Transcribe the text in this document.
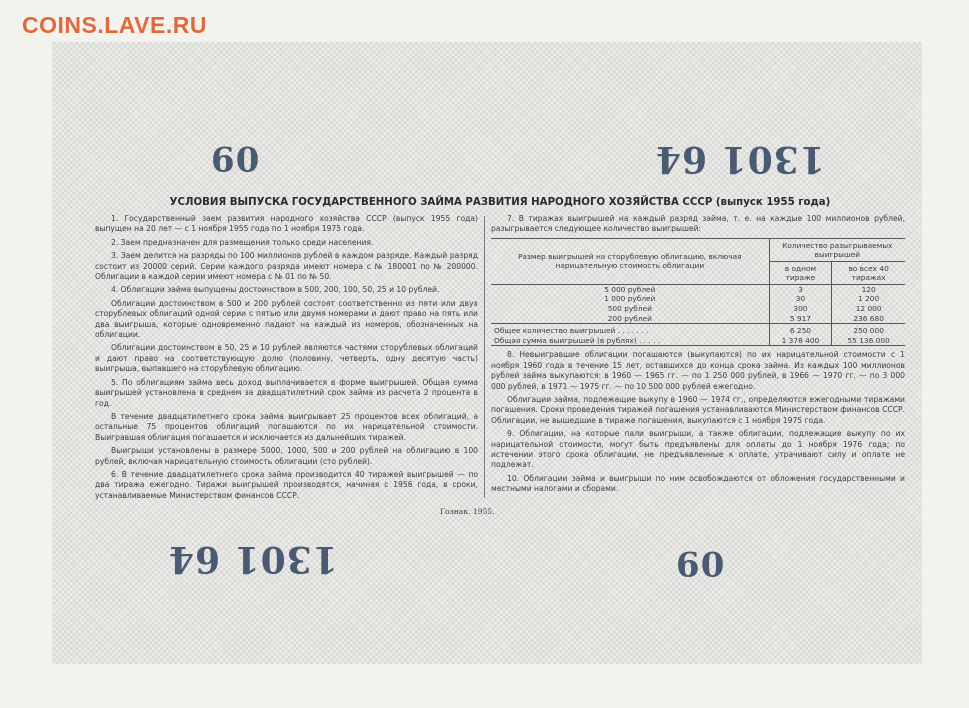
COINS.LAVE.RU
09	1301 64
1301 64	09
УСЛОВИЯ ВЫПУСКА ГОСУДАРСТВЕННОГО ЗАЙМА РАЗВИТИЯ НАРОДНОГО ХОЗЯЙСТВА СССР (выпуск 1955 года)

1. Государственный заем развития народного хозяйства СССР (выпуск 1955 года) выпущен на 20 лет — с 1 ноября 1955 года по 1 ноября 1975 года.

2. Заем предназначен для размещения только среди населения.

3. Заем делится на разряды по 100 миллионов рублей в каждом разряде. Каждый разряд состоит из 20000 серий. Серии каждого разряда имеют номера с № 180001 по № 200000. Облигации в каждой серии имеют номера с № 01 по № 50.

4. Облигации займа выпущены достоинством в 500, 200, 100, 50, 25 и 10 рублей.

Облигации достоинством в 500 и 200 рублей состоят соответственно из пяти или двух сторублевых облигаций одной серии с пятью или двумя номерами и дают право на пять или два выигрыша, которые одновременно падают на каждый из номеров, обозначенных на облигации.

Облигации достоинством в 50, 25 и 10 рублей являются частями сторублевых облигаций и дают право на соответствующую долю (половину, четверть, одну десятую часть) выигрыша, выпавшего на сторублевую облигацию.

5. По облигациям займа весь доход выплачивается в форме выигрышей. Общая сумма выигрышей установлена в среднем за двадцатилетний срок займа из расчета 2 процента в год.

В течение двадцатилетнего срока займа выигрывает 25 процентов всех облигаций, а остальные 75 процентов облигаций погашаются по их нарицательной стоимости. Выигравшая облигация погашается и исключается из дальнейших тиражей.

Выигрыши установлены в размере 5000, 1000, 500 и 200 рублей на облигацию в 100 рублей, включая нарицательную стоимость облигации (сто рублей).

6. В течение двадцатилетнего срока займа производится 40 тиражей выигрышей — по два тиража ежегодно. Тиражи выигрышей производятся, начиная с 1956 года, в сроки, устанавливаемые Министерством финансов СССР.

7. В тиражах выигрышей на каждый разряд займа, т. е. на каждые 100 миллионов рублей, разыгрывается следующее количество выигрышей:

Размер выигрышей на сторублевую облигацию, включая нарицательную стоимость облигации	Количество разыгрываемых выигрышей	
	в одном тираже	во всех 40 тиражах
5 000 рублей	3	120
1 000 рублей	30	1 200
500 рублей	300	12 000
200 рублей	5 917	236 680
Общее количество выигрышей . . . . . . .	6 250	250 000
Общая сумма выигрышей (в рублях) . . . . .	1 378 400	55 136 000

8. Невыигравшие облигации погашаются (выкупаются) по их нарицательной стоимости с 1 ноября 1960 года в течение 15 лет, оставшихся до конца срока займа. Из каждых 100 миллионов рублей займа выкупаются: в 1960 — 1965 гг. — по 1 250 000 рублей, в 1966 — 1970 гг. — по 3 000 000 рублей, в 1971 — 1975 гг. — по 10 500 000 рублей ежегодно.

Облигации займа, подлежащие выкупу в 1960 — 1974 гг., определяются ежегодными тиражами погашения. Сроки проведения тиражей погашения устанавливаются Министерством финансов СССР. Облигации, не вышедшие в тираже погашения, выкупаются с 1 ноября 1975 года.

9. Облигации, на которые пали выигрыши, а также облигации, подлежащие выкупу по их нарицательной стоимости, могут быть предъявлены для оплаты до 1 ноября 1976 года; по истечении этого срока облигации, не предъявленные к оплате, утрачивают силу и оплате не подлежат.

10. Облигации займа и выигрыши по ним освобождаются от обложения государственными и местными налогами и сборами.

Гознак. 1955.
